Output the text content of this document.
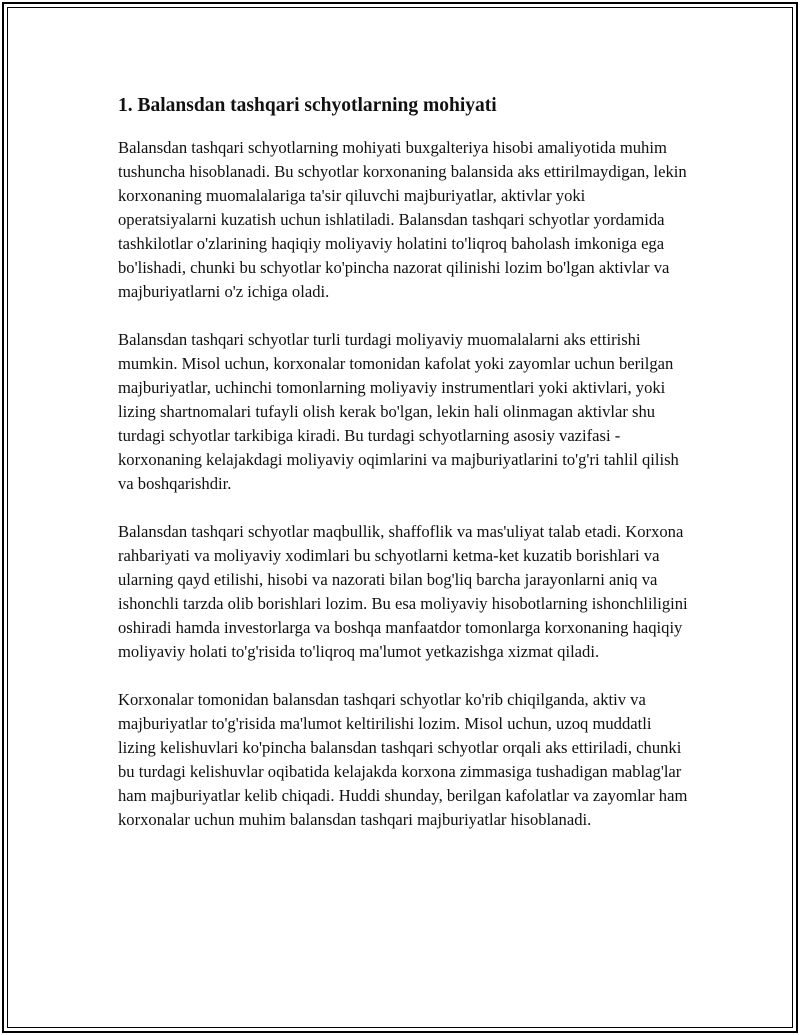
1. Balansdan tashqari schyotlarning mohiyati

Balansdan tashqari schyotlarning mohiyati buxgalteriya hisobi amaliyotida muhim tushuncha hisoblanadi. Bu schyotlar korxonaning balansida aks ettirilmaydigan, lekin korxonaning muomalalariga ta'sir qiluvchi majburiyatlar, aktivlar yoki operatsiyalarni kuzatish uchun ishlatiladi. Balansdan tashqari schyotlar yordamida tashkilotlar o'zlarining haqiqiy moliyaviy holatini to'liqroq baholash imkoniga ega bo'lishadi, chunki bu schyotlar ko'pincha nazorat qilinishi lozim bo'lgan aktivlar va majburiyatlarni o'z ichiga oladi.

Balansdan tashqari schyotlar turli turdagi moliyaviy muomalalarni aks ettirishi mumkin. Misol uchun, korxonalar tomonidan kafolat yoki zayomlar uchun berilgan majburiyatlar, uchinchi tomonlarning moliyaviy instrumentlari yoki aktivlari, yoki lizing shartnomalari tufayli olish kerak bo'lgan, lekin hali olinmagan aktivlar shu turdagi schyotlar tarkibiga kiradi. Bu turdagi schyotlarning asosiy vazifasi - korxonaning kelajakdagi moliyaviy oqimlarini va majburiyatlarini to'g'ri tahlil qilish va boshqarishdir.

Balansdan tashqari schyotlar maqbullik, shaffoflik va mas'uliyat talab etadi. Korxona rahbariyati va moliyaviy xodimlari bu schyotlarni ketma-ket kuzatib borishlari va ularning qayd etilishi, hisobi va nazorati bilan bog'liq barcha jarayonlarni aniq va ishonchli tarzda olib borishlari lozim. Bu esa moliyaviy hisobotlarning ishonchliligini oshiradi hamda investorlarga va boshqa manfaatdor tomonlarga korxonaning haqiqiy moliyaviy holati to'g'risida to'liqroq ma'lumot yetkazishga xizmat qiladi.

Korxonalar tomonidan balansdan tashqari schyotlar ko'rib chiqilganda, aktiv va majburiyatlar to'g'risida ma'lumot keltirilishi lozim. Misol uchun, uzoq muddatli lizing kelishuvlari ko'pincha balansdan tashqari schyotlar orqali aks ettiriladi, chunki bu turdagi kelishuvlar oqibatida kelajakda korxona zimmasiga tushadigan mablag'lar ham majburiyatlar kelib chiqadi. Huddi shunday, berilgan kafolatlar va zayomlar ham korxonalar uchun muhim balansdan tashqari majburiyatlar hisoblanadi.
